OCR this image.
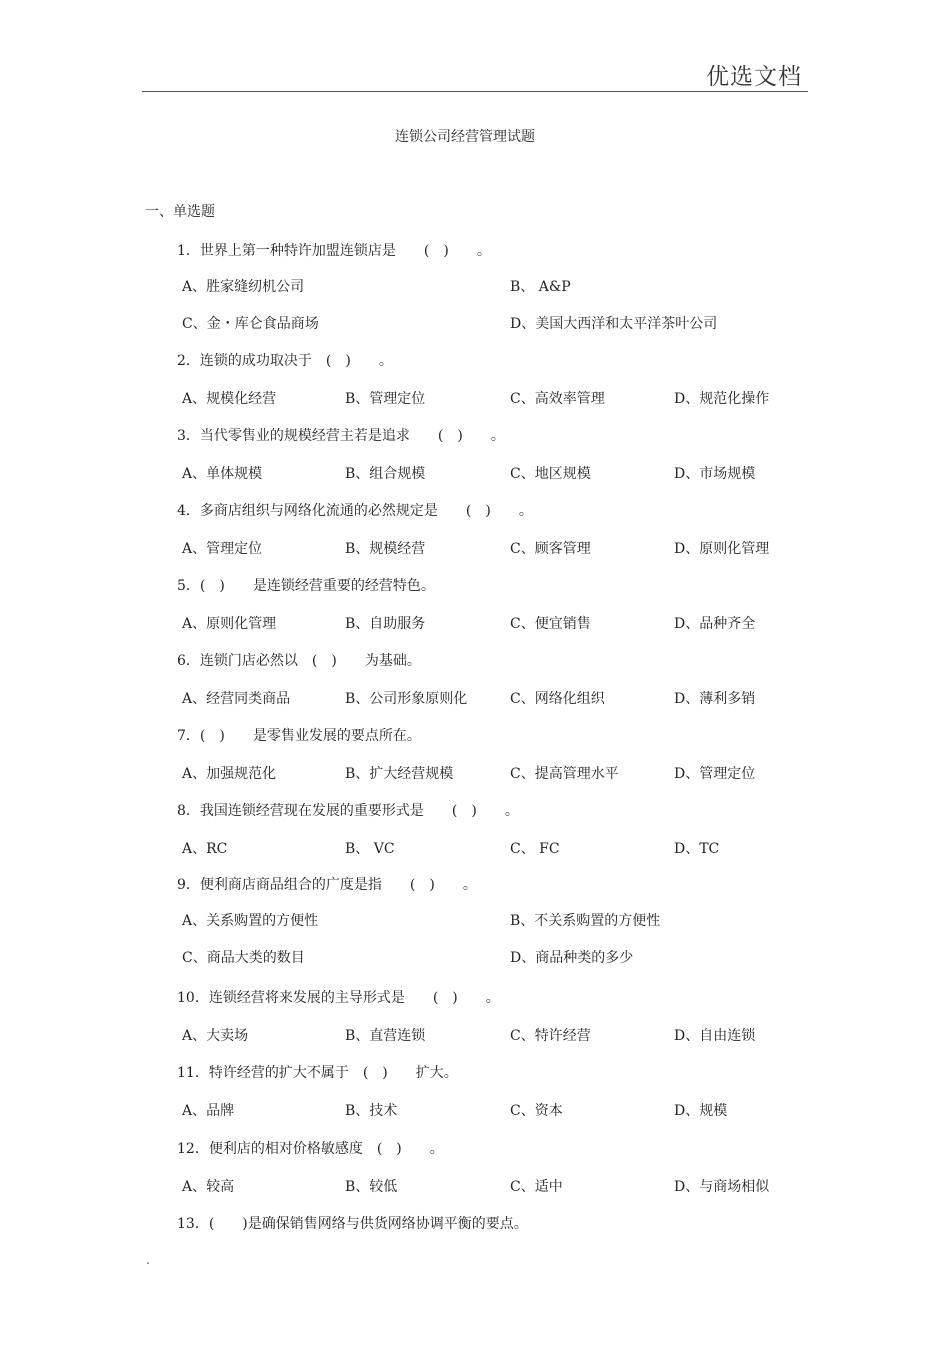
优选文档
连锁公司经营管理试题
一、单选题
1．世界上第一种特许加盟连锁店是　　(　)　　。
A、胜家缝纫机公司	B、 A&P
C、金・库仑食品商场	D、美国大西洋和太平洋茶叶公司
2．连锁的成功取决于　(　)　　。
A、规模化经营	B、管理定位	C、高效率管理	D、规范化操作
3．当代零售业的规模经营主若是追求　　(　)　　。
A、单体规模	B、组合规模	C、地区规模	D、市场规模
4．多商店组织与网络化流通的必然规定是　　(　)　　。
A、管理定位	B、规模经营	C、顾客管理	D、原则化管理
5．(　)　　是连锁经营重要的经营特色。
A、原则化管理	B、自助服务	C、便宜销售	D、品种齐全
6．连锁门店必然以　(　)　　为基础。
A、经营同类商品	B、公司形象原则化	C、网络化组织	D、薄利多销
7．(　)　　是零售业发展的要点所在。
A、加强规范化	B、扩大经营规模	C、提高管理水平	D、管理定位
8．我国连锁经营现在发展的重要形式是　　(　)　　。
A、RC	B、 VC	C、 FC	D、TC
9．便利商店商品组合的广度是指　　(　)　　。
A、关系购置的方便性	B、不关系购置的方便性
C、商品大类的数目	D、商品种类的多少
10．连锁经营将来发展的主导形式是　　(　)　　。
A、大卖场	B、直营连锁	C、特许经营	D、自由连锁
11．特许经营的扩大不属于　(　)　　扩大。
A、品牌	B、技术	C、资本	D、规模
12．便利店的相对价格敏感度　(　)　　。
A、较高	B、较低	C、适中	D、与商场相似
13．(　　)是确保销售网络与供货网络协调平衡的要点。
.
